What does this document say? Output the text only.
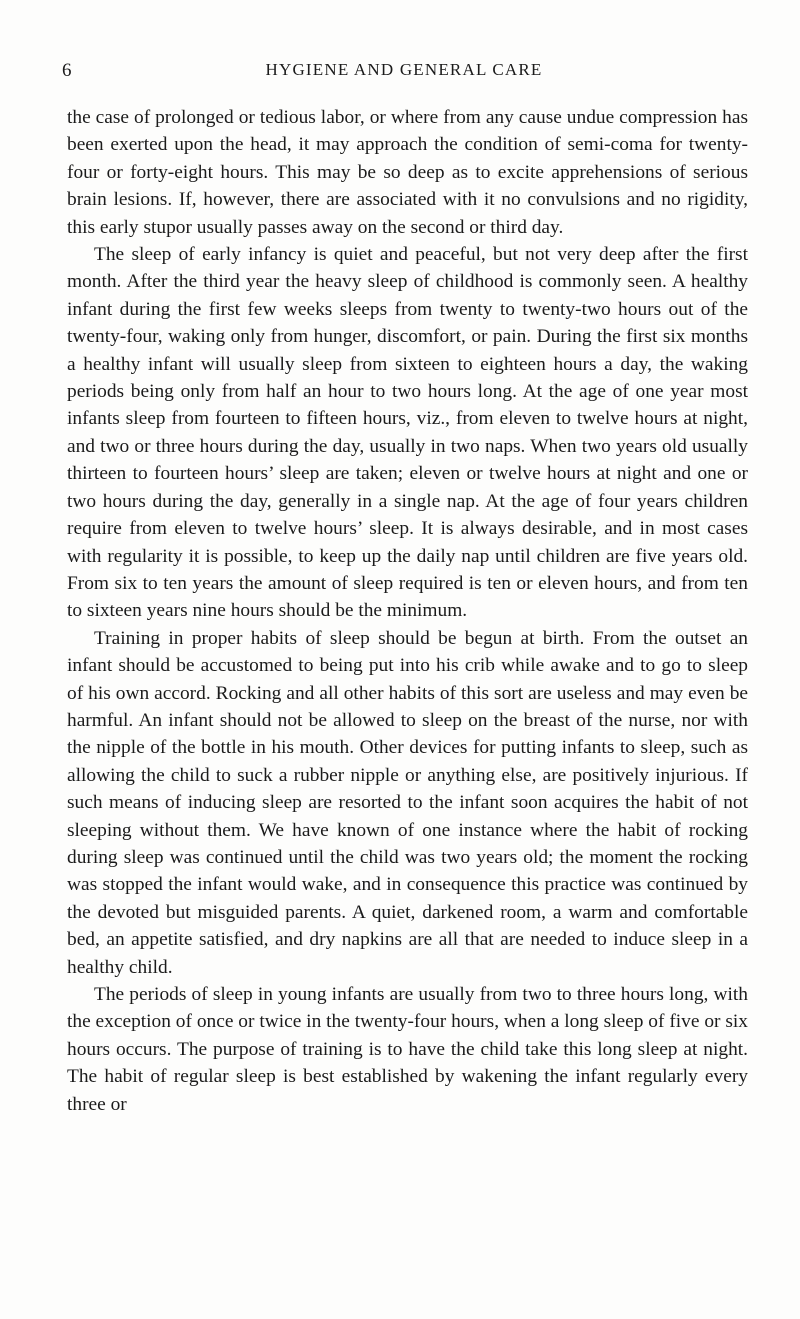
6	HYGIENE AND GENERAL CARE

the case of prolonged or tedious labor, or where from any cause undue compression has been exerted upon the head, it may approach the condition of semi-coma for twenty-four or forty-eight hours. This may be so deep as to excite apprehensions of serious brain lesions. If, however, there are associated with it no convulsions and no rigidity, this early stupor usually passes away on the second or third day.

The sleep of early infancy is quiet and peaceful, but not very deep after the first month. After the third year the heavy sleep of childhood is commonly seen. A healthy infant during the first few weeks sleeps from twenty to twenty-two hours out of the twenty-four, waking only from hunger, discomfort, or pain. During the first six months a healthy infant will usually sleep from sixteen to eighteen hours a day, the waking periods being only from half an hour to two hours long. At the age of one year most infants sleep from fourteen to fifteen hours, viz., from eleven to twelve hours at night, and two or three hours during the day, usually in two naps. When two years old usually thirteen to fourteen hours’ sleep are taken; eleven or twelve hours at night and one or two hours during the day, generally in a single nap. At the age of four years children require from eleven to twelve hours’ sleep. It is always desirable, and in most cases with regularity it is possible, to keep up the daily nap until children are five years old. From six to ten years the amount of sleep required is ten or eleven hours, and from ten to sixteen years nine hours should be the minimum.

Training in proper habits of sleep should be begun at birth. From the outset an infant should be accustomed to being put into his crib while awake and to go to sleep of his own accord. Rocking and all other habits of this sort are useless and may even be harmful. An infant should not be allowed to sleep on the breast of the nurse, nor with the nipple of the bottle in his mouth. Other devices for putting infants to sleep, such as allowing the child to suck a rubber nipple or anything else, are positively injurious. If such means of inducing sleep are resorted to the infant soon acquires the habit of not sleeping without them. We have known of one instance where the habit of rocking during sleep was continued until the child was two years old; the moment the rocking was stopped the infant would wake, and in consequence this practice was continued by the devoted but misguided parents. A quiet, darkened room, a warm and comfortable bed, an appetite satisfied, and dry napkins are all that are needed to induce sleep in a healthy child.

The periods of sleep in young infants are usually from two to three hours long, with the exception of once or twice in the twenty-four hours, when a long sleep of five or six hours occurs. The purpose of training is to have the child take this long sleep at night. The habit of regular sleep is best established by wakening the infant regularly every three or
